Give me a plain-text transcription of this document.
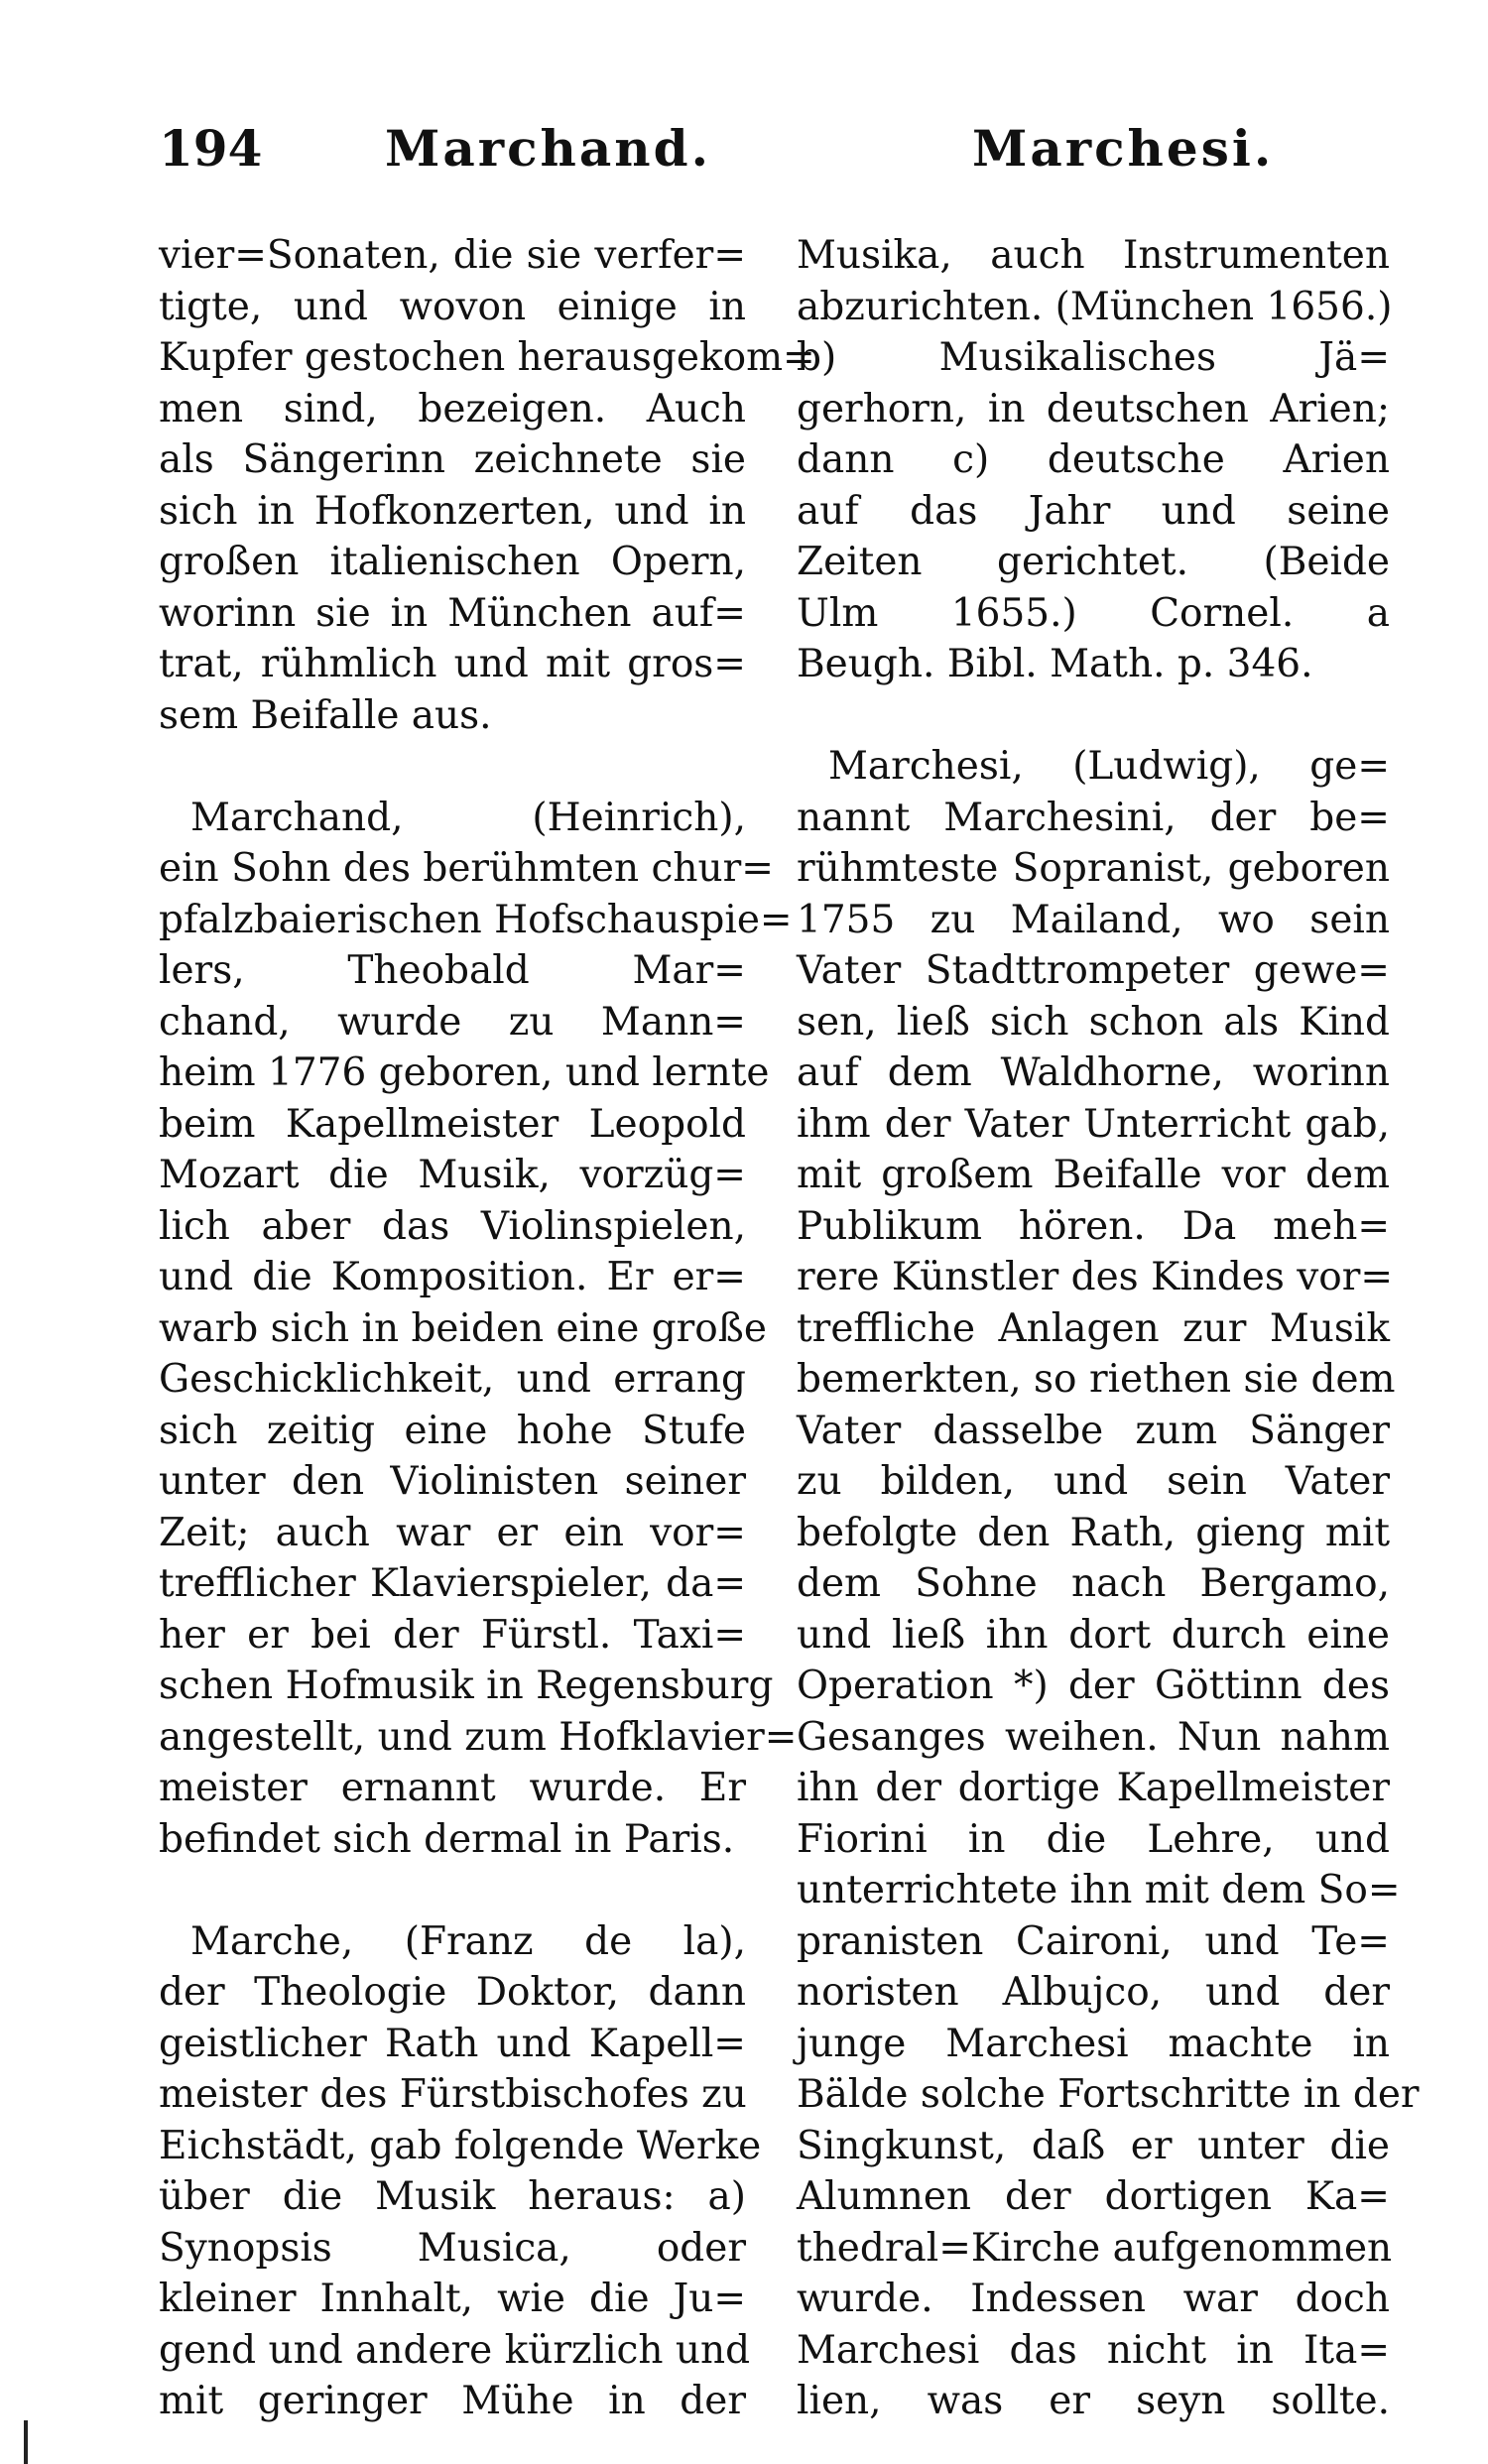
194 Marchand.	Marchesi.
vier=Sonaten, die sie verfer=
tigte, und wovon einige in
Kupfer gestochen herausgekom=
men sind, bezeigen. Auch
als Sängerinn zeichnete sie
sich in Hofkonzerten, und in
großen italienischen Opern,
worinn sie in München auf=
trat, rühmlich und mit gros=
sem Beifalle aus.
Marchand, (Heinrich),
ein Sohn des berühmten chur=
pfalzbaierischen Hofschauspie=
lers, Theobald Mar=
chand, wurde zu Mann=
heim 1776 geboren, und lernte
beim Kapellmeister Leopold
Mozart die Musik, vorzüg=
lich aber das Violinspielen,
und die Komposition. Er er=
warb sich in beiden eine große
Geschicklichkeit, und errang
sich zeitig eine hohe Stufe
unter den Violinisten seiner
Zeit; auch war er ein vor=
trefflicher Klavierspieler, da=
her er bei der Fürstl. Taxi=
schen Hofmusik in Regensburg
angestellt, und zum Hofklavier=
meister ernannt wurde. Er
befindet sich dermal in Paris.
Marche, (Franz de la),
der Theologie Doktor, dann
geistlicher Rath und Kapell=
meister des Fürstbischofes zu
Eichstädt, gab folgende Werke
über die Musik heraus: a)
Synopsis Musica, oder
kleiner Innhalt, wie die Ju=
gend und andere kürzlich und
mit geringer Mühe in der
Musika, auch Instrumenten
abzurichten. (München 1656.)
b) Musikalisches Jä=
gerhorn, in deutschen Arien;
dann c) deutsche Arien
auf das Jahr und seine
Zeiten gerichtet. (Beide
Ulm 1655.) Cornel. a
Beugh. Bibl. Math. p. 346.
Marchesi, (Ludwig), ge=
nannt Marchesini, der be=
rühmteste Sopranist, geboren
1755 zu Mailand, wo sein
Vater Stadttrompeter gewe=
sen, ließ sich schon als Kind
auf dem Waldhorne, worinn
ihm der Vater Unterricht gab,
mit großem Beifalle vor dem
Publikum hören. Da meh=
rere Künstler des Kindes vor=
treffliche Anlagen zur Musik
bemerkten, so riethen sie dem
Vater dasselbe zum Sänger
zu bilden, und sein Vater
befolgte den Rath, gieng mit
dem Sohne nach Bergamo,
und ließ ihn dort durch eine
Operation *) der Göttinn des
Gesanges weihen. Nun nahm
ihn der dortige Kapellmeister
Fiorini in die Lehre, und
unterrichtete ihn mit dem So=
pranisten Caironi, und Te=
noristen Albujco, und der
junge Marchesi machte in
Bälde solche Fortschritte in der
Singkunst, daß er unter die
Alumnen der dortigen Ka=
thedral=Kirche aufgenommen
wurde. Indessen war doch
Marchesi das nicht in Ita=
lien, was er seyn sollte.
